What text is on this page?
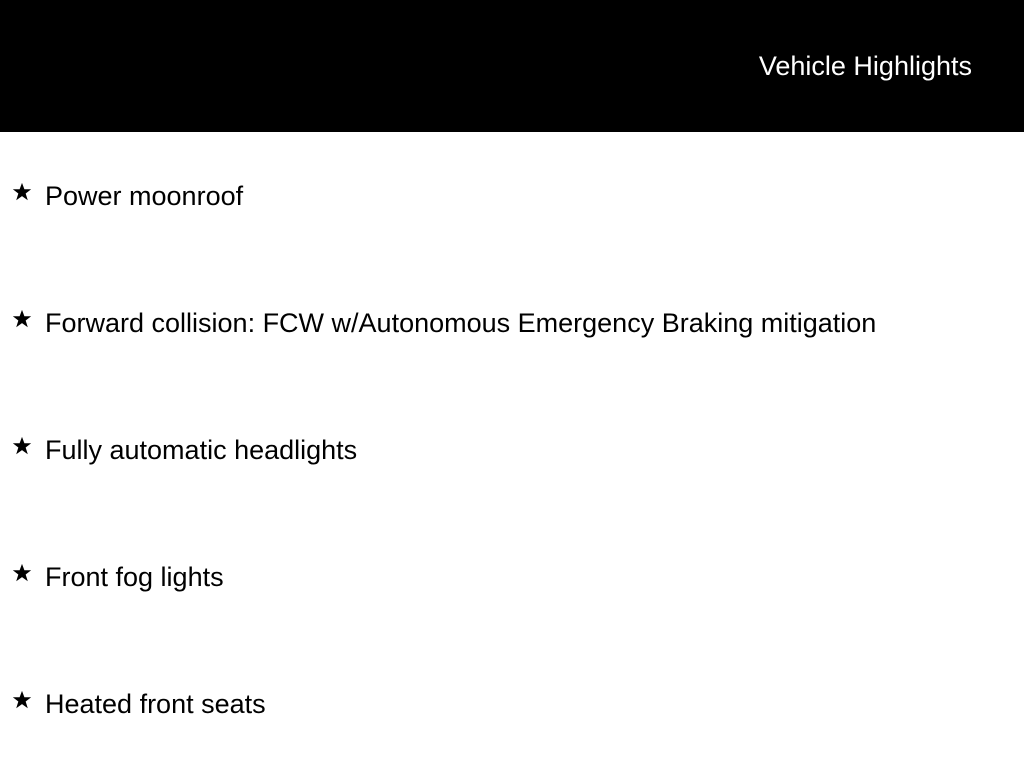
Vehicle Highlights
Power moonroof
Forward collision: FCW w/Autonomous Emergency Braking mitigation
Fully automatic headlights
Front fog lights
Heated front seats
